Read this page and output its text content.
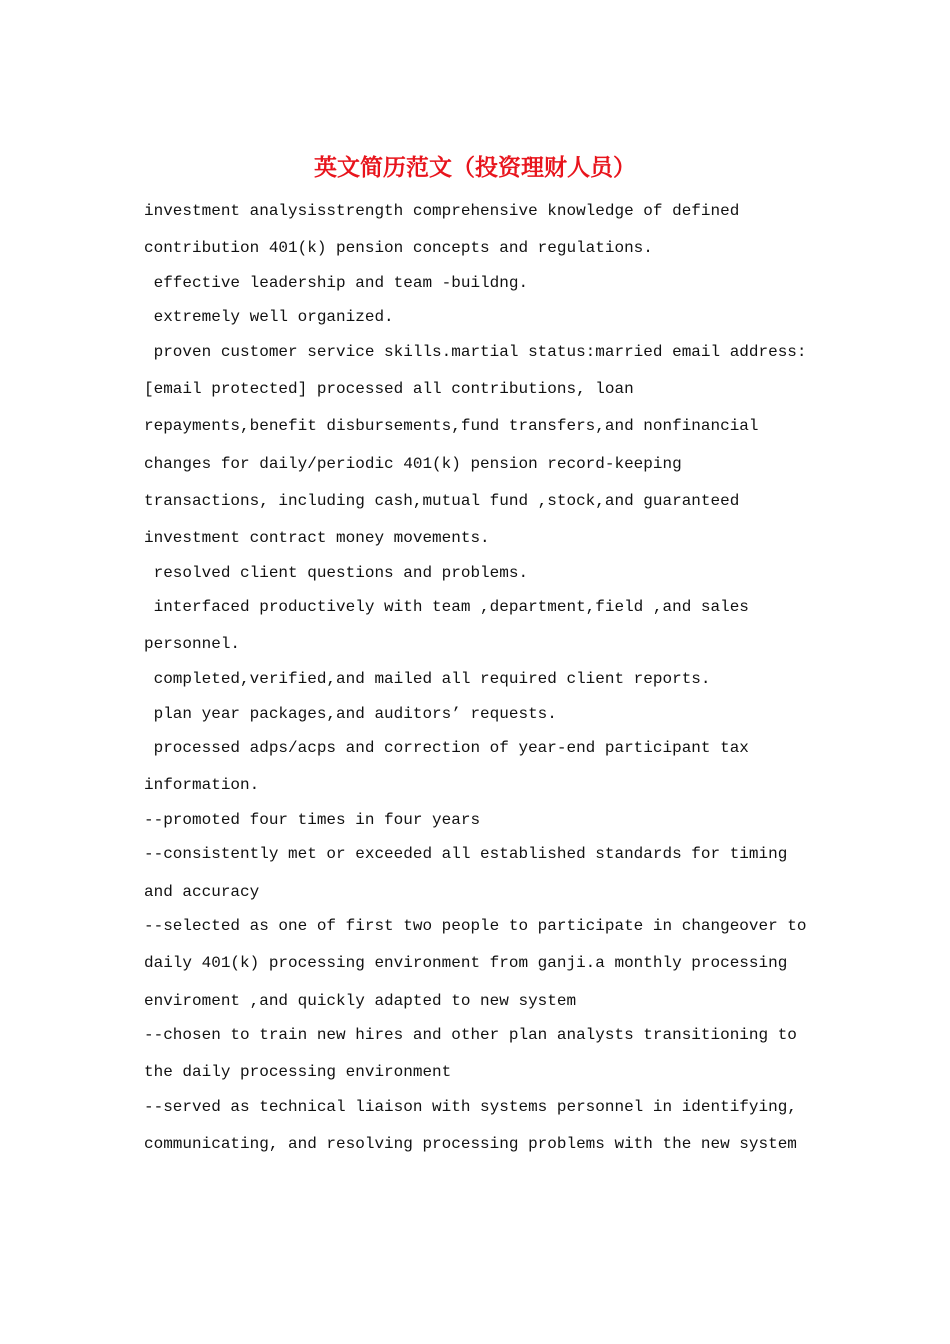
英文简历范文（投资理财人员）
investment analysisstrength comprehensive knowledge of defined
contribution 401(k) pension concepts and regulations.
effective leadership and team -buildng.
extremely well organized.
proven customer service skills.martial status:married email address:
[email protected] processed all contributions, loan
repayments,benefit disbursements,fund transfers,and nonfinancial
changes for daily/periodic 401(k) pension record-keeping
transactions, including cash,mutual fund ,stock,and guaranteed
investment contract money movements.
resolved client questions and problems.
interfaced productively with team ,department,field ,and sales
personnel.
completed,verified,and mailed all required client reports.
plan year packages,and auditors’ requests.
processed adps/acps and correction of year-end participant tax
information.
--promoted four times in four years
--consistently met or exceeded all established standards for timing
and accuracy
--selected as one of first two people to participate in changeover to
daily 401(k) processing environment from ganji.a monthly processing
enviroment ,and quickly adapted to new system
--chosen to train new hires and other plan analysts transitioning to
the daily processing environment
--served as technical liaison with systems personnel in identifying,
communicating, and resolving processing problems with the new system
